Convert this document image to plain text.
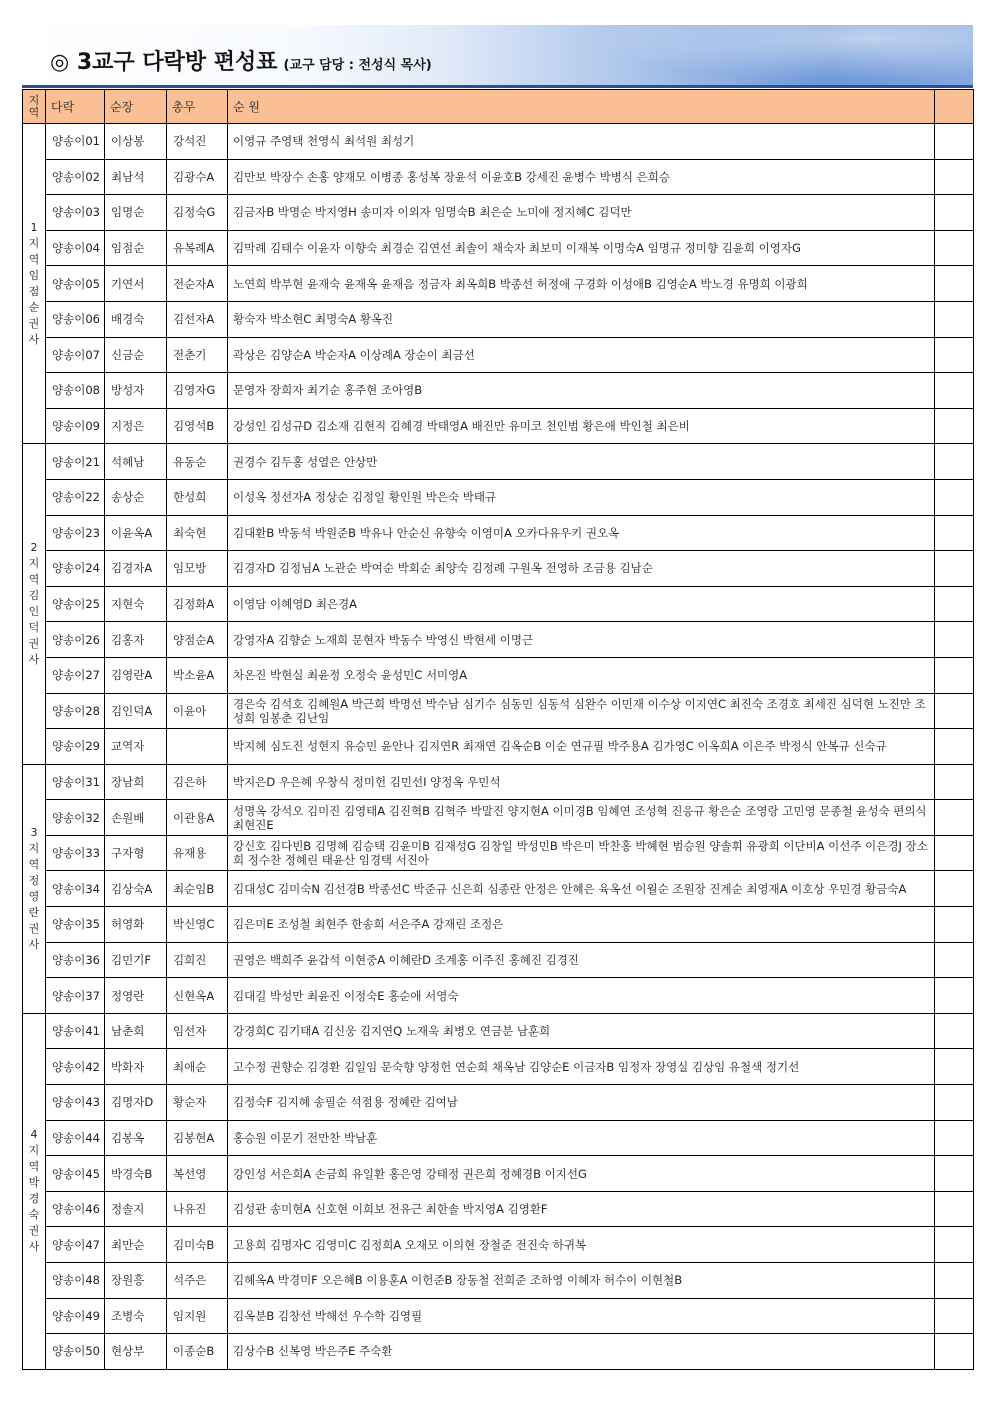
◎ 3교구 다락방 편성표 (교구 담당 : 전성식 목사)
지역	다락	순장	총무	순 원	
1지역 임점순권사	양송이01	이상봉	강석진	이영규 주영택 천영식 최석원 최성기	
	양송이02	최남석	김광수A	김만보 박장수 손홍 양재모 이병종 홍성복 장윤석 이윤호B 강세진 윤병수 박병식 은희승	
	양송이03	임명순	김정숙G	김금자B 박명순 박지영H 송미자 이외자 임명숙B 최은순 노미애 정지혜C 김덕만	
	양송이04	임점순	유복례A	김막례 김태수 이윤자 이향숙 최경순 김연선 최솔이 채숙자 최보미 이재복 이명숙A 임명규 정미향 김윤희 이영자G	
	양송이05	기연서	전순자A	노연희 박부현 윤재숙 윤재옥 윤재음 정금자 최옥희B 박종선 허정애 구경화 이성애B 김영순A 박노경 유명희 이광희	
	양송이06	배경숙	김선자A	황숙자 박소현C 최명숙A 황옥진	
	양송이07	신금순	전춘기	곽상은 김양순A 박순자A 이상례A 장순이 최금선	
	양송이08	방성자	김영자G	문영자 장희자 최기순 홍주현 조아영B	
	양송이09	지정은	김영석B	강성인 김성규D 김소재 김현직 김혜경 박태영A 배진만 유미코 천인범 황은애 박인철 최은비	
2지역 김인덕권사	양송이21	석혜남	유동순	권경수 김두홍 성열은 안상만	
	양송이22	송상순	한성희	이성옥 정선자A 정상순 김정일 황인원 박은숙 박태규	
	양송이23	이윤옥A	최숙현	김대환B 박동석 박원준B 박유나 안순신 유향숙 이영미A 오카다유우키 권오옥	
	양송이24	김경자A	임모방	김경자D 김정님A 노관순 박여순 박회순 최양숙 김정례 구원옥 전영하 조금용 김남순	
	양송이25	지현숙	김정화A	이영담 이혜영D 최은경A	
	양송이26	김홍자	양점순A	강영자A 김향순 노재희 문현자 박동수 박영신 박현세 이명근	
	양송이27	김영란A	박소윤A	차온진 박현실 최윤정 오정숙 윤성민C 서미영A	
	양송이28	김인덕A	이윤아	경은숙 김석호 김혜원A 박근희 박명선 박수남 심기수 심동민 심동석 심완수 이민재 이수상 이지연C 최진숙 조경호 최세진 심덕현 노진만 조성희 임봉춘 김난임	
	양송이29	교역자		박지혜 심도진 성현지 유승민 윤안나 김지연R 최재연 김옥순B 이순 연규필 박주용A 김가영C 이옥희A 이은주 박정식 안복규 신숙규	
3지역 정영란권사	양송이31	장남희	김은하	박지은D 우은혜 우창식 정미헌 김민선I 양정옥 우민석	
	양송이32	손원배	이관용A	성명옥 강석오 김미진 김영태A 김진혁B 김혁주 박말진 양지현A 이미경B 임혜연 조성혁 진응규 황은순 조영랑 고민영 문종철 윤성숙 편의식 최현진E	
	양송이33	구자형	유재용	강신호 김다빈B 김명혜 김승택 김윤미B 김재성G 김창일 박성민B 박은미 박찬홍 박혜현 범승원 양솔휘 유광희 이단비A 이선주 이은경J 장소희 정수찬 정혜린 태윤산 임경택 서진아	
	양송이34	김상숙A	최순임B	김대성C 김미숙N 김선경B 박종선C 박준규 신은희 심종란 안정은 안혜은 육옥선 이월순 조원장 진계순 최영재A 이호상 우민경 황금숙A	
	양송이35	허영화	박신영C	김은미E 조성철 최현주 한송희 서은주A 강재린 조정은	
	양송이36	김민기F	김희진	권영은 백희주 윤갑석 이현중A 이혜란D 조계홍 이주진 홍혜진 김경진	
	양송이37	정영란	신현옥A	김대길 박성만 최윤진 이정숙E 홍순애 서영숙	
4지역 박경숙권사	양송이41	남춘희	임선자	강경희C 김기태A 김신웅 김지연Q 노재욱 최병오 연금분 남훈희	
	양송이42	박화자	최애순	고수정 권향순 김경환 김일임 문숙향 양정헌 연순희 채옥남 김양순E 이금자B 임정자 장영실 김상임 유철색 정기선	
	양송이43	김명자D	황순자	김정숙F 김지혜 송필순 석점용 정혜란 김여남	
	양송이44	김봉옥	김봉현A	홍승원 이문기 전만찬 박남훈	
	양송이45	박경숙B	복선영	강인성 서은희A 손금희 유일환 홍은영 강태정 권은희 정혜경B 이지선G	
	양송이46	정솔지	나유진	김성관 송미현A 신호현 이희보 전유근 최한솔 박지영A 김영환F	
	양송이47	최만순	김미숙B	고용희 김명자C 김영미C 김정희A 오재모 이의현 장철준 전진숙 하귀복	
	양송이48	장원흥	석주은	김혜옥A 박경미F 오은혜B 이용훈A 이헌준B 장동철 전희준 조하영 이혜자 허수이 이현철B	
	양송이49	조병숙	임지원	김옥분B 김창선 박해선 우수학 김영필	
	양송이50	현상부	이종순B	김상수B 신복영 박은주E 주숙환	
